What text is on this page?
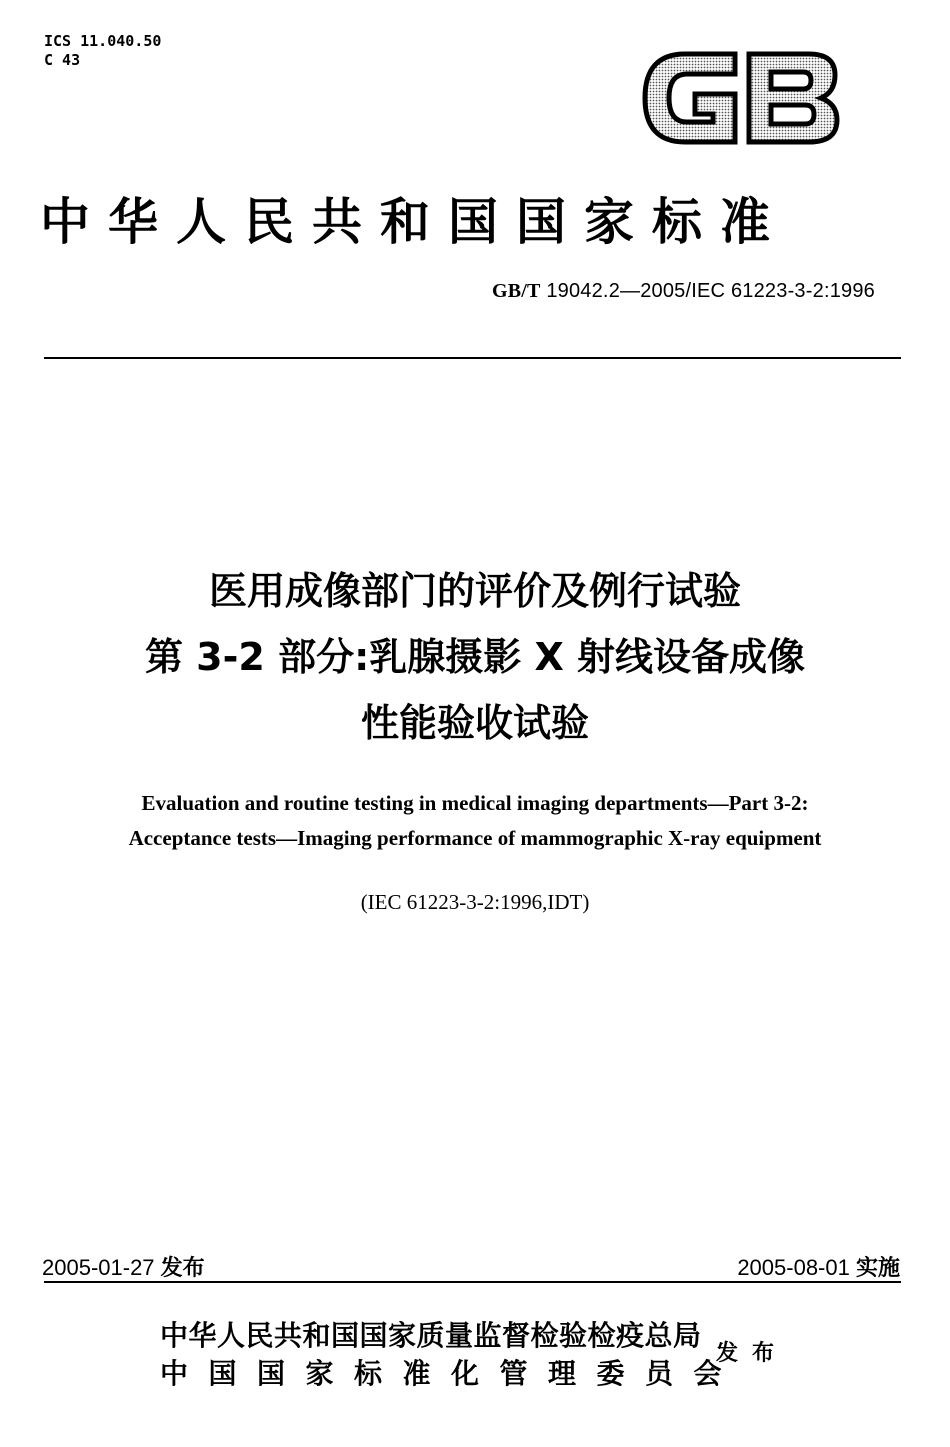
ICS 11.040.50
C 43
中华人民共和国国家标准
GB/T 19042.2—2005/IEC 61223-3-2:1996
医用成像部门的评价及例行试验
第 3-2 部分:乳腺摄影 X 射线设备成像
性能验收试验
Evaluation and routine testing in medical imaging departments—Part 3-2:
Acceptance tests—Imaging performance of mammographic X-ray equipment
(IEC 61223-3-2:1996,IDT)
2005-01-27 发布	2005-08-01 实施
中华人民共和国国家质量监督检验检疫总局
中国国家标准化管理委员会
发布
